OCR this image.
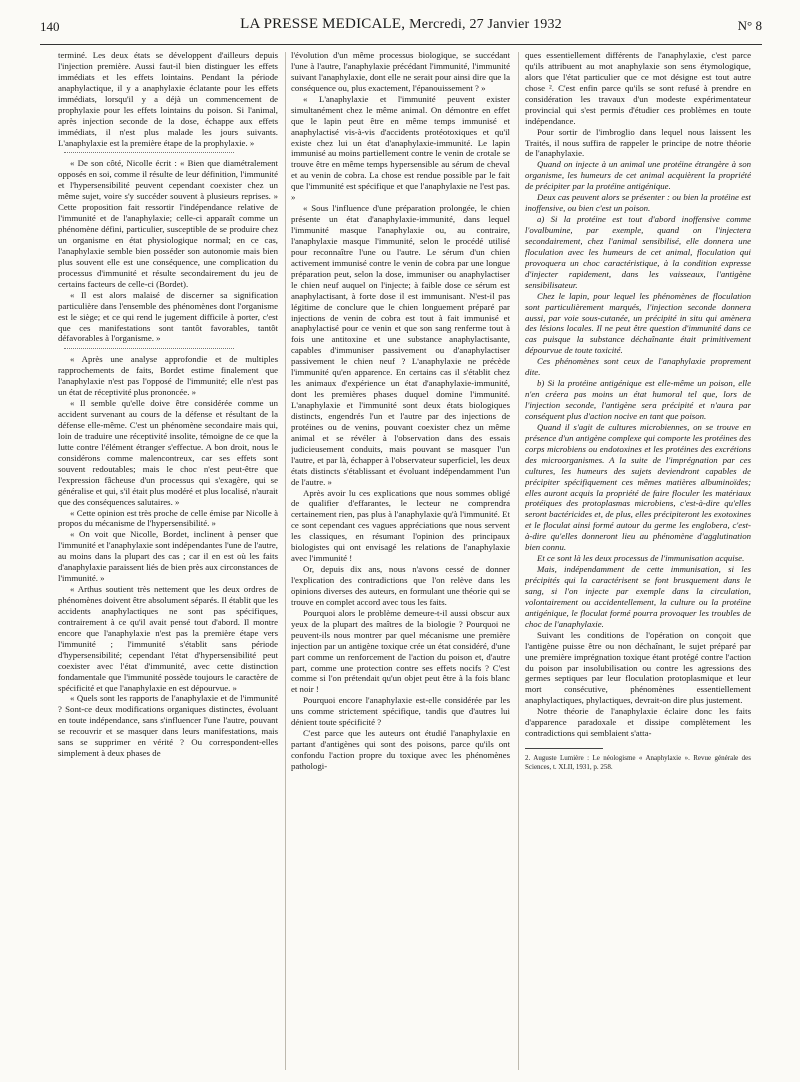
140	LA PRESSE MEDICALE, Mercredi, 27 Janvier 1932	N° 8

terminé. Les deux états se développent d'ailleurs depuis l'injection première. Aussi faut-il bien distinguer les effets immédiats et les effets lointains. Pendant la période anaphylactique, il y a anaphylaxie éclatante pour les effets immédiats, lorsqu'il y a déjà un commencement de prophylaxie pour les effets lointains du poison. Si l'animal, après injection seconde de la dose, échappe aux effets immédiats, il n'est plus malade les jours suivants. L'anaphylaxie est la première étape de la prophylaxie. »

« De son côté, Nicolle écrit : « Bien que diamétralement opposés en soi, comme il résulte de leur définition, l'immunité et l'hypersensibilité peuvent cependant coexister chez un même sujet, voire s'y succéder souvent à plusieurs reprises. » Cette proposition fait ressortir l'indépendance relative de l'immunité et de l'anaphylaxie; celle-ci apparaît comme un phénomène défini, particulier, susceptible de se produire chez un organisme en état physiologique normal; en ce cas, l'anaphylaxie semble bien posséder son autonomie mais bien plus souvent elle est une conséquence, une complication du processus d'immunité et résulte secondairement du jeu de certains facteurs de celle-ci (Bordet).

« Il est alors malaisé de discerner sa signification particulière dans l'ensemble des phénomènes dont l'organisme est le siège; et ce qui rend le jugement difficile à porter, c'est que ces manifestations sont tantôt favorables, tantôt défavorables à l'organisme. »

« Après une analyse approfondie et de multiples rapprochements de faits, Bordet estime finalement que l'anaphylaxie n'est pas l'opposé de l'immunité; elle n'est pas un état de réceptivité plus prononcée. »

« Il semble qu'elle doive être considérée comme un accident survenant au cours de la défense et résultant de la défense elle-même. C'est un phénomène secondaire mais qui, loin de traduire une réceptivité insolite, témoigne de ce que la lutte contre l'élément étranger s'effectue. A bon droit, nous le considérons comme malencontreux, car ses effets sont souvent redoutables; mais le choc n'est peut-être que l'expression fâcheuse d'un processus qui s'exagère, qui se généralise et qui, s'il était plus modéré et plus localisé, n'aurait que des conséquences salutaires. »

« Cette opinion est très proche de celle émise par Nicolle à propos du mécanisme de l'hypersensibilité. »

« On voit que Nicolle, Bordet, inclinent à penser que l'immunité et l'anaphylaxie sont indépendantes l'une de l'autre, au moins dans la plupart des cas ; car il en est où les faits d'anaphylaxie paraissent liés de bien près aux circonstances de l'immunité. »

« Arthus soutient très nettement que les deux ordres de phénomènes doivent être absolument séparés. Il établit que les accidents anaphylactiques ne sont pas spécifiques, contrairement à ce qu'il avait pensé tout d'abord. Il montre encore que l'anaphylaxie n'est pas la première étape vers l'immunité ; l'immunité s'établit sans période d'hypersensibilité; cependant l'état d'hypersensibilité peut coexister avec l'état d'immunité, avec cette distinction fondamentale que l'immunité possède toujours le caractère de spécificité et que l'anaphylaxie en est dépourvue. »

« Quels sont les rapports de l'anaphylaxie et de l'immunité ? Sont-ce deux modifications organiques distinctes, évoluant en toute indépendance, sans s'influencer l'une l'autre, pouvant se recouvrir et se masquer dans leurs manifestations, mais sans se supprimer en vérité ? Ou correspondent-elles simplement à deux phases de

l'évolution d'un même processus biologique, se succédant l'une à l'autre, l'anaphylaxie précédant l'immunité, l'immunité suivant l'anaphylaxie, dont elle ne serait pour ainsi dire que la conséquence ou, plus exactement, l'épanouissement ? »

« L'anaphylaxie et l'immunité peuvent exister simultanément chez le même animal. On démontre en effet que le lapin peut être en même temps immunisé et anaphylactisé vis-à-vis d'accidents protéotoxiques et qu'il existe chez lui un état d'anaphylaxie-immunité. Le lapin immunisé au moins partiellement contre le venin de crotale se trouve être en même temps hypersensible au sérum de cheval et au venin de cobra. La chose est rendue possible par le fait que l'immunité est spécifique et que l'anaphylaxie ne l'est pas. »

« Sous l'influence d'une préparation prolongée, le chien présente un état d'anaphylaxie-immunité, dans lequel l'immunité masque l'anaphylaxie ou, au contraire, l'anaphylaxie masque l'immunité, selon le procédé utilisé pour reconnaître l'une ou l'autre. Le sérum d'un chien activement immunisé contre le venin de cobra par une longue préparation peut, selon la dose, immuniser ou anaphylactiser le chien neuf auquel on l'injecte; à faible dose ce sérum est anaphylactisant, à forte dose il est immunisant. N'est-il pas légitime de conclure que le chien longuement préparé par injections de venin de cobra est tout à fait immunisé et anaphylactisé pour ce venin et que son sang renferme tout à fois une antitoxine et une substance anaphylactisante, capables d'immuniser passivement ou d'anaphylactiser passivement le chien neuf ? L'anaphylaxie ne précède l'immunité qu'en apparence. En certains cas il s'établit chez les animaux d'expérience un état d'anaphylaxie-immunité, dont les premières phases duquel domine l'immunité. L'anaphylaxie et l'immunité sont deux états biologiques distincts, engendrés l'un et l'autre par des injections de protéines ou de venins, pouvant coexister chez un même animal et se révéler à l'observation dans des essais judicieusement conduits, mais pouvant se masquer l'un l'autre, et par là, échapper à l'observateur superficiel, les deux états distincts s'établissant et évoluant indépendamment l'un de l'autre. »

Après avoir lu ces explications que nous sommes obligé de qualifier d'effarantes, le lecteur ne comprendra certainement rien, pas plus à l'anaphylaxie qu'à l'immunité. Et ce sont cependant ces vagues appréciations que nous servent les classiques, en résumant l'opinion des principaux biologistes qui ont envisagé les relations de l'anaphylaxie avec l'immunité !

Or, depuis dix ans, nous n'avons cessé de donner l'explication des contradictions que l'on relève dans les opinions diverses des auteurs, en formulant une théorie qui se trouve en complet accord avec tous les faits.

Pourquoi alors le problème demeure-t-il aussi obscur aux yeux de la plupart des maîtres de la biologie ? Pourquoi ne peuvent-ils nous montrer par quel mécanisme une première injection par un antigène toxique crée un état considéré, d'une part comme un renforcement de l'action du poison et, d'autre part, comme une protection contre ses effets nocifs ? C'est comme si l'on prétendait qu'un objet peut être à la fois blanc et noir !

Pourquoi encore l'anaphylaxie est-elle considérée par les uns comme strictement spécifique, tandis que d'autres lui dénient toute spécificité ?

C'est parce que les auteurs ont étudié l'anaphylaxie en partant d'antigènes qui sont des poisons, parce qu'ils ont confondu l'action propre du toxique avec les phénomènes pathologi-

ques essentiellement différents de l'anaphylaxie, c'est parce qu'ils attribuent au mot anaphylaxie son sens étymologique, alors que l'état particulier que ce mot désigne est tout autre chose ². C'est enfin parce qu'ils se sont refusé à prendre en considération les travaux d'un modeste expérimentateur provincial qui s'est permis d'étudier ces problèmes en toute indépendance.

Pour sortir de l'imbroglio dans lequel nous laissent les Traités, il nous suffira de rappeler le principe de notre théorie de l'anaphylaxie.

Quand on injecte à un animal une protéine étrangère à son organisme, les humeurs de cet animal acquièrent la propriété de précipiter par la protéine antigénique.

Deux cas peuvent alors se présenter : ou bien la protéine est inoffensive, ou bien c'est un poison.

a) Si la protéine est tout d'abord inoffensive comme l'ovalbumine, par exemple, quand on l'injectera secondairement, chez l'animal sensibilisé, elle donnera une floculation avec les humeurs de cet animal, floculation qui provoquera un choc caractéristique, à la condition expresse d'injecter rapidement, dans les vaisseaux, l'antigène sensibilisateur.

Chez le lapin, pour lequel les phénomènes de floculation sont particulièrement marqués, l'injection seconde donnera aussi, par voie sous-cutanée, un précipité in situ qui amènera des lésions locales. Il ne peut être question d'immunité dans ce cas puisque la substance déchaînante était primitivement dépourvue de toute toxicité.

Ces phénomènes sont ceux de l'anaphylaxie proprement dite.

b) Si la protéine antigénique est elle-même un poison, elle n'en créera pas moins un état humoral tel que, lors de l'injection seconde, l'antigène sera précipité et n'aura par conséquent plus d'action nocive en tant que poison.

Quand il s'agit de cultures microbiennes, on se trouve en présence d'un antigène complexe qui comporte les protéines des corps microbiens ou endotoxines et les protéines des excrétions des microorganismes. A la suite de l'imprégnation par ces cultures, les humeurs des sujets deviendront capables de précipiter spécifiquement ces mêmes matières albuminoïdes; elles auront acquis la propriété de faire floculer les matériaux protéiques des protoplasmas microbiens, c'est-à-dire qu'elles seront bactéricides et, de plus, elles précipiteront les exotoxines et le floculat ainsi formé autour du germe les englobera, c'est-à-dire qu'elles donneront lieu au phénomène d'agglutination bien connu.

Et ce sont là les deux processus de l'immunisation acquise.

Mais, indépendamment de cette immunisation, si les précipités qui la caractérisent se font brusquement dans le sang, si l'on injecte par exemple dans la circulation, volontairement ou accidentellement, la culture ou la protéine antigénique, le floculat formé pourra provoquer les troubles de choc de l'anaphylaxie.

Suivant les conditions de l'opération on conçoit que l'antigène puisse être ou non déchaînant, le sujet préparé par une première imprégnation toxique étant protégé contre l'action du poison par insolubilisation ou contre les agressions des germes septiques par leur floculation protoplasmique et leur mort consécutive, phénomènes essentiellement anaphylactiques, phylactiques, devrait-on dire plus justement.

Notre théorie de l'anaphylaxie éclaire donc les faits d'apparence paradoxale et dissipe complètement les contradictions qui semblaient s'atta-

2. Auguste Lumière : Le néologisme « Anaphylaxie ». Revue générale des Sciences, t. XLII, 1931, p. 258.
